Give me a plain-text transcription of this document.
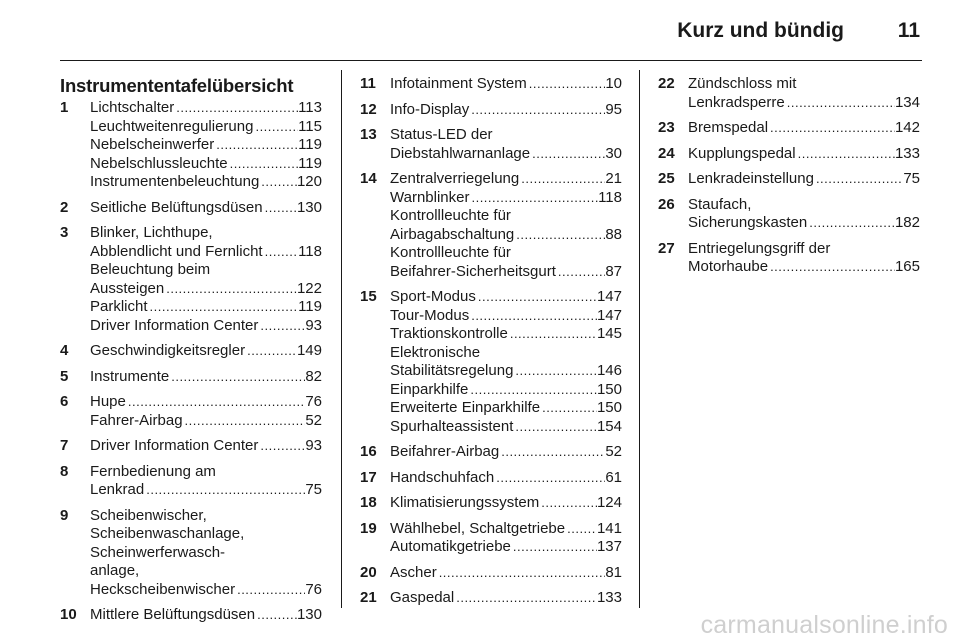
Kurz und bündig	11
Instrumententafelübersicht
1	Lichtschalter .....	113
Leuchtweitenregulierung .....	115
Nebelscheinwerfer .....	119
Nebelschlussleuchte .....	119
Instrumentenbeleuchtung .....	120
2	Seitliche Belüftungsdüsen ..... 130
3	Blinker, Lichthupe,
Abblendlicht und Fernlicht ..... 118
Beleuchtung beim
Aussteigen .....	122
Parklicht .....	119
Driver Information Center .....	93
4	Geschwindigkeitsregler .....	149
5	Instrumente .....	82
6	Hupe .....	76
Fahrer-Airbag .....	52
7	Driver Information Center .....	93
8	Fernbedienung am
Lenkrad .....	75
9	Scheibenwischer,
Scheibenwaschanlage,
Scheinwerferwasch-
anlage,
Heckscheibenwischer .....	76
10 Mittlere Belüftungsdüsen .....	130
11 Infotainment System .....	10
12 Info-Display .....	95
13 Status-LED der
Diebstahlwarnanlage .....	30
14 Zentralverriegelung .....	21
Warnblinker .....	118
Kontrollleuchte für
Airbagabschaltung .....	88
Kontrollleuchte für
Beifahrer-Sicherheitsgurt .....	87
15 Sport-Modus .....	147
Tour-Modus .....	147
Traktionskontrolle .....	145
Elektronische
Stabilitätsregelung .....	146
Einparkhilfe .....	150
Erweiterte Einparkhilfe .....	150
Spurhalteassistent .....	154
16 Beifahrer-Airbag .....	52
17 Handschuhfach .....	61
18 Klimatisierungssystem .....	124
19 Wählhebel, Schaltgetriebe ..... 141
Automatikgetriebe .....	137
20 Ascher .....	81
21 Gaspedal .....	133
22 Zündschloss mit
Lenkradsperre .....	134
23 Bremspedal .....	142
24 Kupplungspedal .....	133
25 Lenkradeinstellung .....	75
26 Staufach,
Sicherungskasten .....	182
27 Entriegelungsgriff der
Motorhaube .....	165
carmanualsonline.info
